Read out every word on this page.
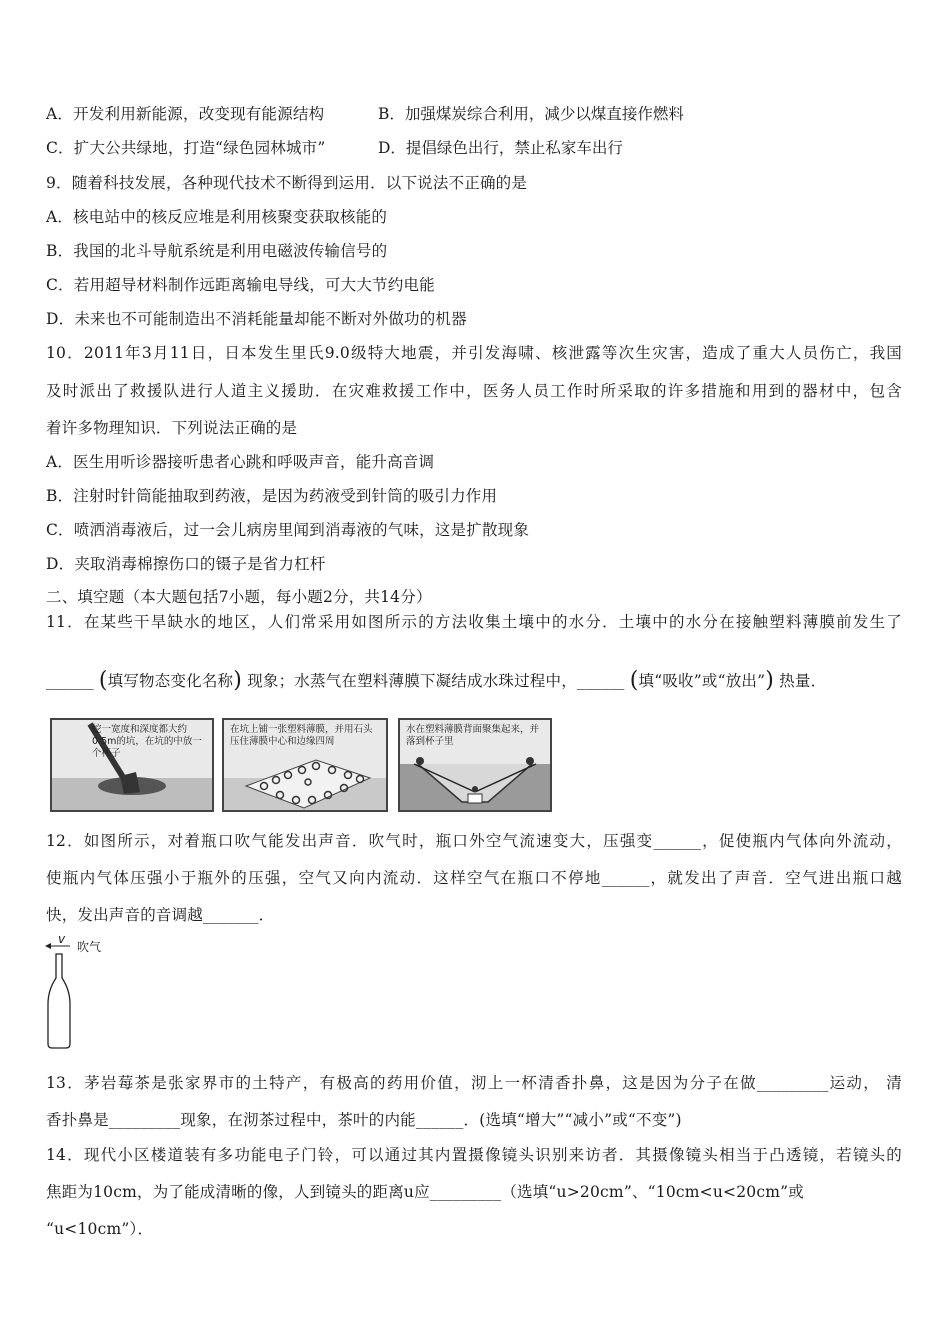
A．开发利用新能源，改变现有能源结构	B．加强煤炭综合利用，减少以煤直接作燃料
C．扩大公共绿地，打造“绿色园林城市”	D．提倡绿色出行，禁止私家车出行
9．随着科技发展，各种现代技术不断得到运用．以下说法不正确的是
A．核电站中的核反应堆是利用核聚变获取核能的
B．我国的北斗导航系统是利用电磁波传输信号的
C．若用超导材料制作远距离输电导线，可大大节约电能
D．未来也不可能制造出不消耗能量却能不断对外做功的机器
10．2011年3月11日，日本发生里氏9.0级特大地震，并引发海啸、核泄露等次生灾害，造成了重大人员伤亡，我国
及时派出了救援队进行人道主义援助．在灾难救援工作中，医务人员工作时所采取的许多措施和用到的器材中，包含
着许多物理知识．下列说法正确的是
A．医生用听诊器接听患者心跳和呼吸声音，能升高音调
B．注射时针筒能抽取到药液，是因为药液受到针筒的吸引力作用
C．喷洒消毒液后，过一会儿病房里闻到消毒液的气味，这是扩散现象
D．夹取消毒棉擦伤口的镊子是省力杠杆
二、填空题（本大题包括7小题，每小题2分，共14分）
11．在某些干旱缺水的地区，人们常采用如图所示的方法收集土壤中的水分．土壤中的水分在接触塑料薄膜前发生了
______ (填写物态变化名称) 现象；水蒸气在塑料薄膜下凝结成水珠过程中，______ (填“吸收”或“放出”) 热量．
挖一宽度和深度都大约0.5m的坑，在坑的中放一个杯子
在坑上铺一张塑料薄膜，并用石头压住薄膜中心和边缘四周
水在塑料薄膜背面聚集起来，并落到杯子里
12．如图所示，对着瓶口吹气能发出声音．吹气时，瓶口外空气流速变大，压强变______，促使瓶内气体向外流动，
使瓶内气体压强小于瓶外的压强，空气又向内流动．这样空气在瓶口不停地______，就发出了声音．空气进出瓶口越
快，发出声音的音调越_______．
v
吹气
13．茅岩莓茶是张家界市的土特产，有极高的药用价值，沏上一杯清香扑鼻，这是因为分子在做_________运动， 清
香扑鼻是_________现象，在沏茶过程中，茶叶的内能______．(选填“增大”“减小”或“不变”)
14．现代小区楼道装有多功能电子门铃，可以通过其内置摄像镜头识别来访者．其摄像镜头相当于凸透镜，若镜头的
焦距为10cm，为了能成清晰的像，人到镜头的距离u应_________（选填“u>20cm”、“10cm<u<20cm”或
“u<10cm”）．
